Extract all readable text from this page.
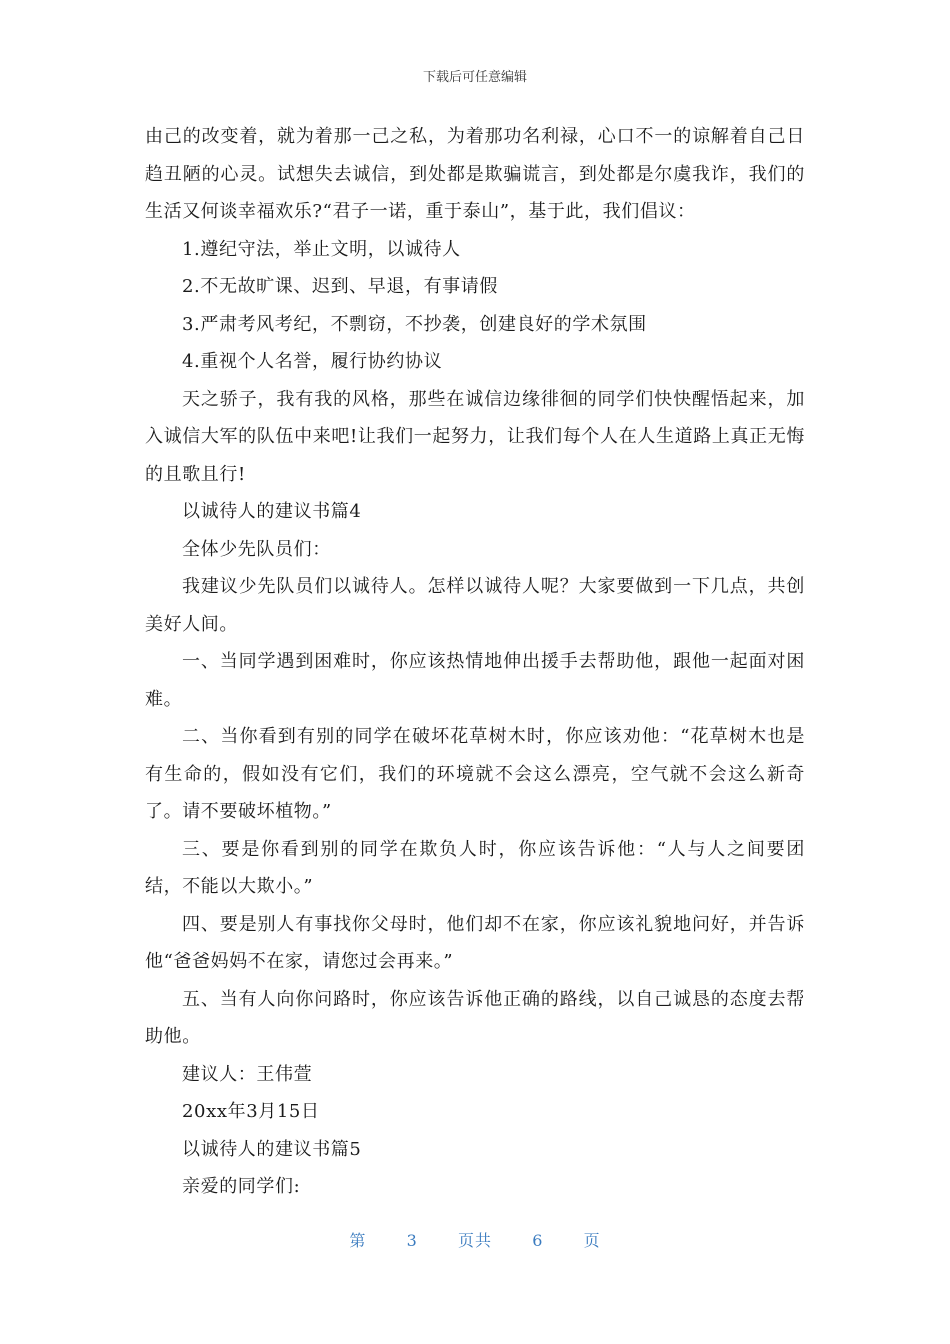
下载后可任意编辑

由己的改变着，就为着那一己之私，为着那功名利禄，心口不一的谅解着自己日趋丑陋的心灵。试想失去诚信，到处都是欺骗谎言，到处都是尔虞我诈，我们的生活又何谈幸福欢乐?“君子一诺，重于泰山”，基于此，我们倡议：

1.遵纪守法，举止文明，以诚待人

2.不无故旷课、迟到、早退，有事请假

3.严肃考风考纪，不剽窃，不抄袭，创建良好的学术氛围

4.重视个人名誉，履行协约协议

天之骄子，我有我的风格，那些在诚信边缘徘徊的同学们快快醒悟起来，加入诚信大军的队伍中来吧!让我们一起努力，让我们每个人在人生道路上真正无悔的且歌且行!

以诚待人的建议书篇4

全体少先队员们：

我建议少先队员们以诚待人。怎样以诚待人呢？大家要做到一下几点，共创美好人间。

一、当同学遇到困难时，你应该热情地伸出援手去帮助他，跟他一起面对困难。

二、当你看到有别的同学在破坏花草树木时，你应该劝他：“花草树木也是有生命的，假如没有它们，我们的环境就不会这么漂亮，空气就不会这么新奇了。请不要破坏植物。”

三、要是你看到别的同学在欺负人时，你应该告诉他：“人与人之间要团结，不能以大欺小。”

四、要是别人有事找你父母时，他们却不在家，你应该礼貌地问好，并告诉他“爸爸妈妈不在家，请您过会再来。”

五、当有人向你问路时，你应该告诉他正确的路线，以自己诚恳的态度去帮助他。

建议人：王伟萱

20xx年3月15日

以诚待人的建议书篇5

亲爱的同学们:

第	3	页共	6	页
